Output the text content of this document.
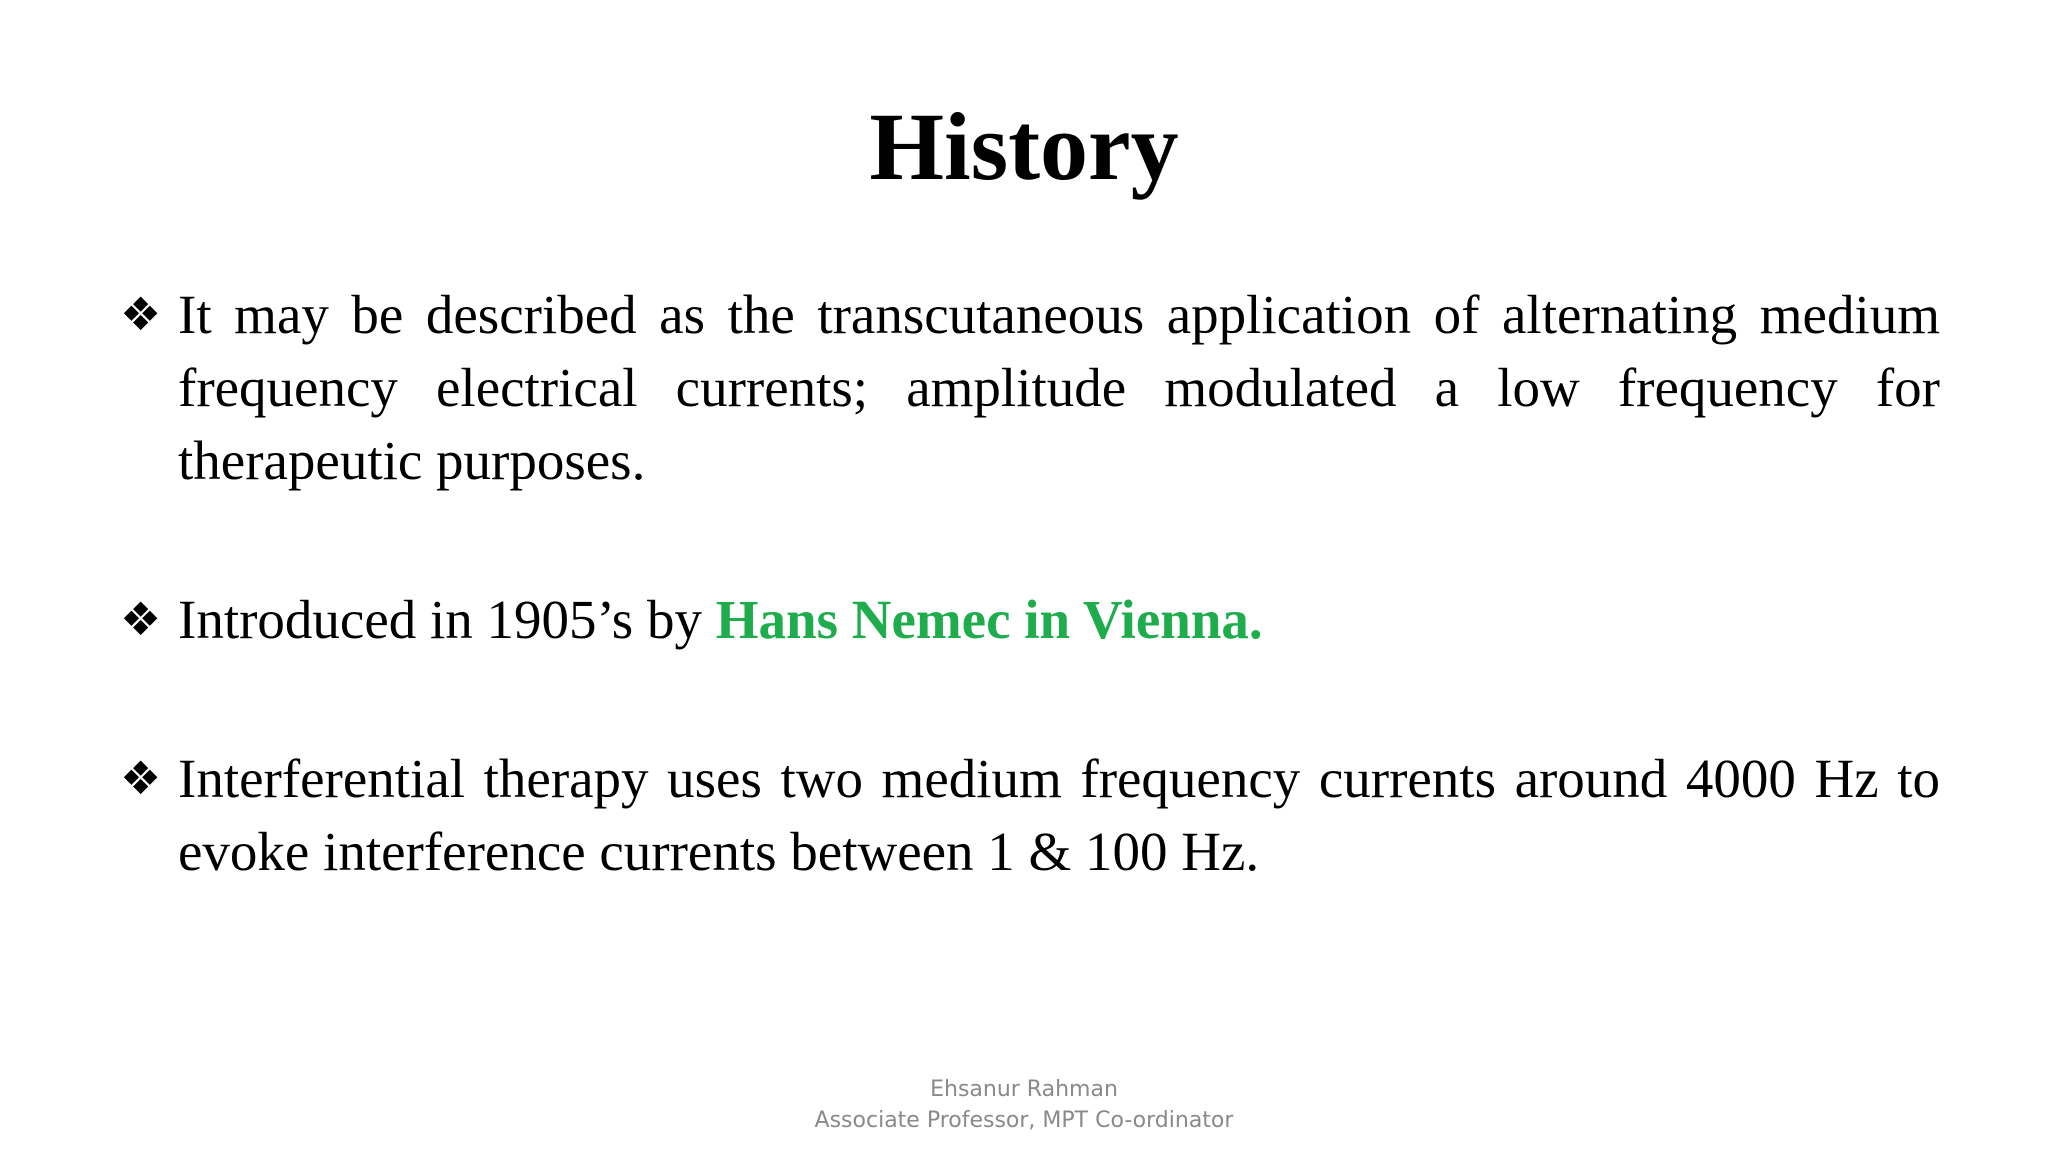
History
❖ It may be described as the transcutaneous application of alternating medium frequency electrical currents; amplitude modulated a low frequency for therapeutic purposes.
❖ Introduced in 1905’s by Hans Nemec in Vienna.
❖ Interferential therapy uses two medium frequency currents around 4000 Hz to evoke interference currents between 1 & 100 Hz.
Ehsanur Rahman
Associate Professor, MPT Co-ordinator
